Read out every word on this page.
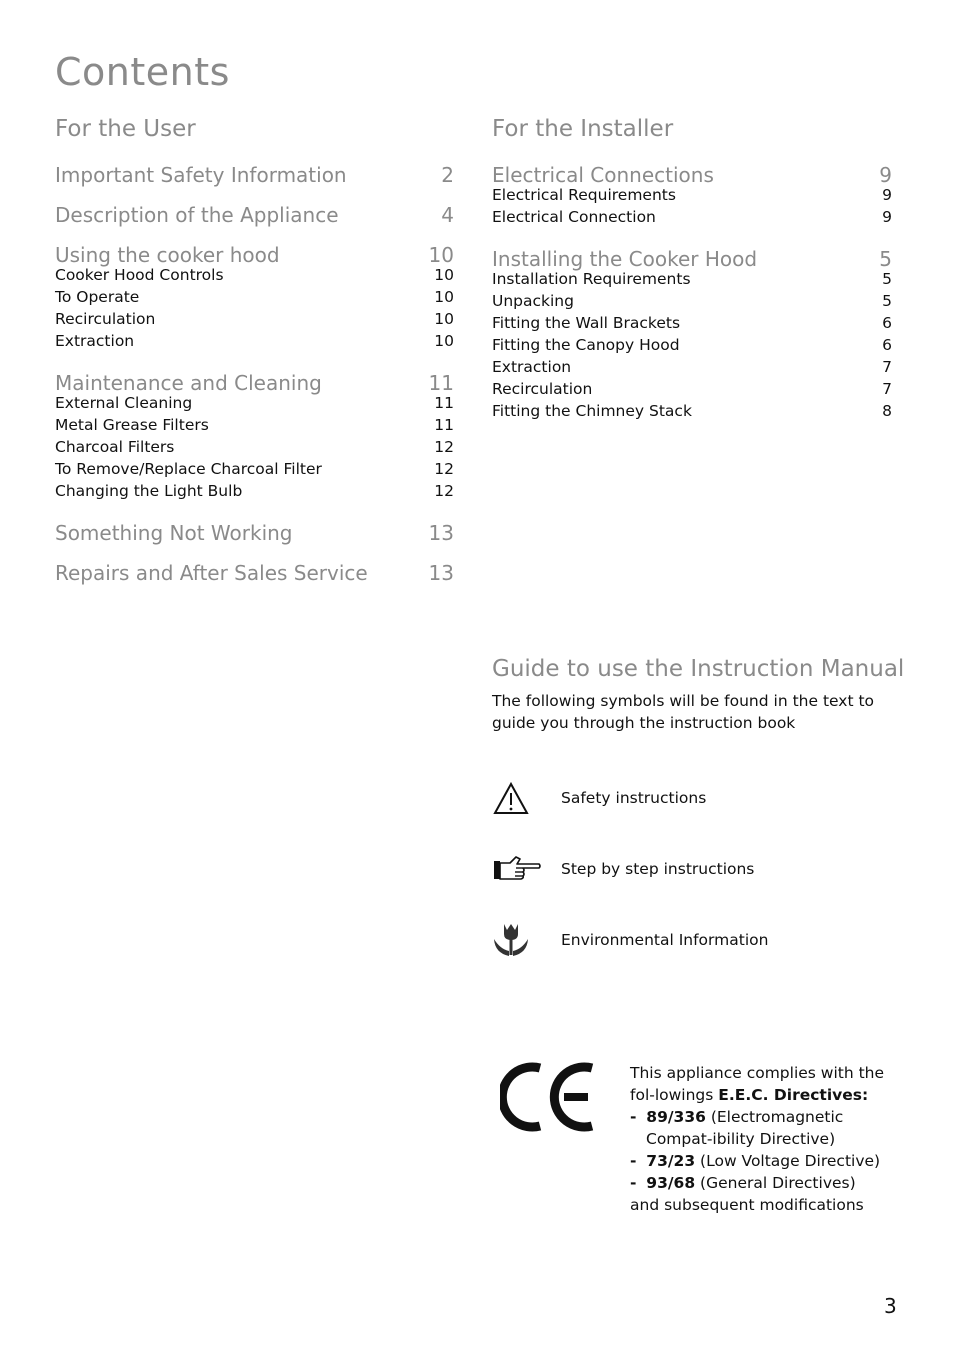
Contents
For the User	For the Installer
Important Safety Information	2
Description of the Appliance	4
Using the cooker hood	10
Cooker Hood Controls	10
To Operate	10
Recirculation	10
Extraction	10
Maintenance and Cleaning	11
External Cleaning	11
Metal Grease Filters	11
Charcoal Filters	12
To Remove/Replace Charcoal Filter	12
Changing the Light Bulb	12
Something Not Working	13
Repairs and After Sales Service	13
Electrical Connections	9
Electrical Requirements	9
Electrical Connection	9
Installing the Cooker Hood	5
Installation Requirements	5
Unpacking	5
Fitting the Wall Brackets	6
Fitting the Canopy Hood	6
Extraction	7
Recirculation	7
Fitting the Chimney Stack	8
Guide to use the Instruction Manual
The following symbols will be found in the text to guide you through the instruction book
Safety instructions
Step by step instructions
Environmental Information
This appliance complies with the fol-lowings E.E.C. Directives:
- 89/336 (Electromagnetic Compat-ibility Directive)
- 73/23 (Low Voltage Directive)
- 93/68 (General Directives)
and subsequent modifications
3
